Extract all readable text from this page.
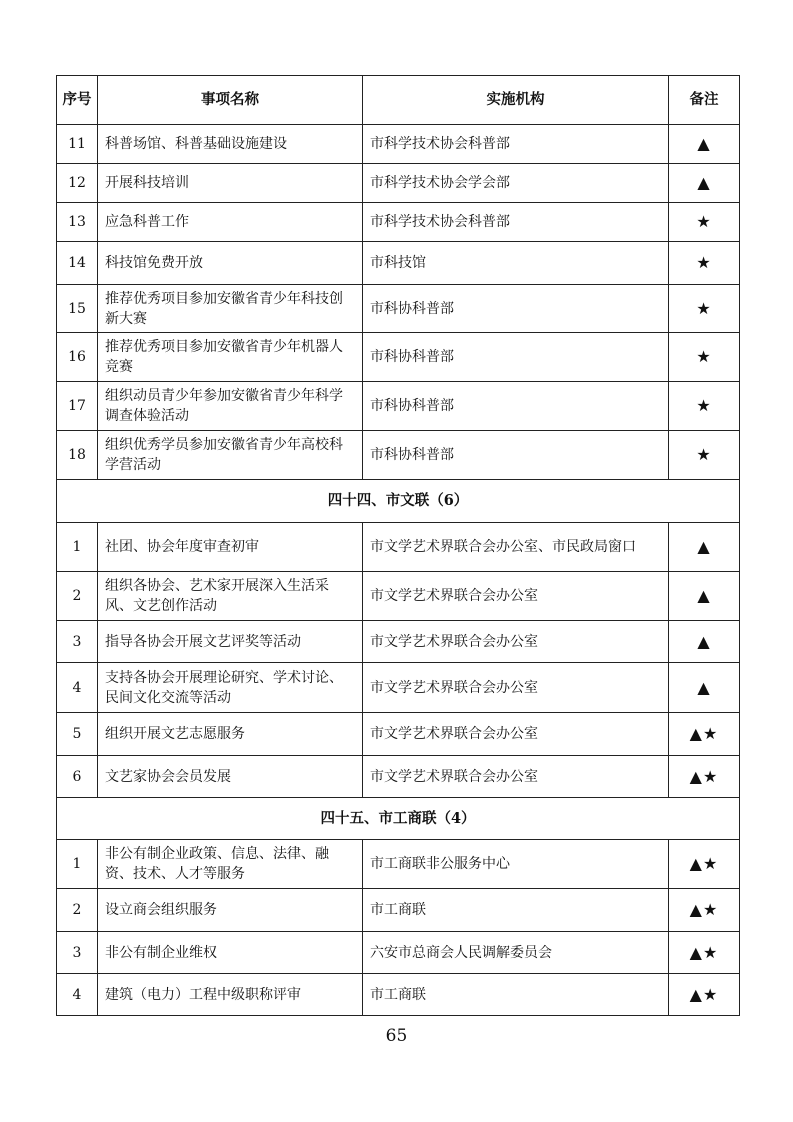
序号	事项名称	实施机构	备注
11	科普场馆、科普基础设施建设	市科学技术协会科普部	▲
12	开展科技培训	市科学技术协会学会部	▲
13	应急科普工作	市科学技术协会科普部	★
14	科技馆免费开放	市科技馆	★
15	推荐优秀项目参加安徽省青少年科技创新大赛	市科协科普部	★
16	推荐优秀项目参加安徽省青少年机器人竞赛	市科协科普部	★
17	组织动员青少年参加安徽省青少年科学调查体验活动	市科协科普部	★
18	组织优秀学员参加安徽省青少年高校科学营活动	市科协科普部	★
四十四、市文联（6）			
1	社团、协会年度审查初审	市文学艺术界联合会办公室、市民政局窗口	▲
2	组织各协会、艺术家开展深入生活采风、文艺创作活动	市文学艺术界联合会办公室	▲
3	指导各协会开展文艺评奖等活动	市文学艺术界联合会办公室	▲
4	支持各协会开展理论研究、学术讨论、民间文化交流等活动	市文学艺术界联合会办公室	▲
5	组织开展文艺志愿服务	市文学艺术界联合会办公室	▲★
6	文艺家协会会员发展	市文学艺术界联合会办公室	▲★
四十五、市工商联（4）			
1	非公有制企业政策、信息、法律、融资、技术、人才等服务	市工商联非公服务中心	▲★
2	设立商会组织服务	市工商联	▲★
3	非公有制企业维权	六安市总商会人民调解委员会	▲★
4	建筑（电力）工程中级职称评审	市工商联	▲★
65
